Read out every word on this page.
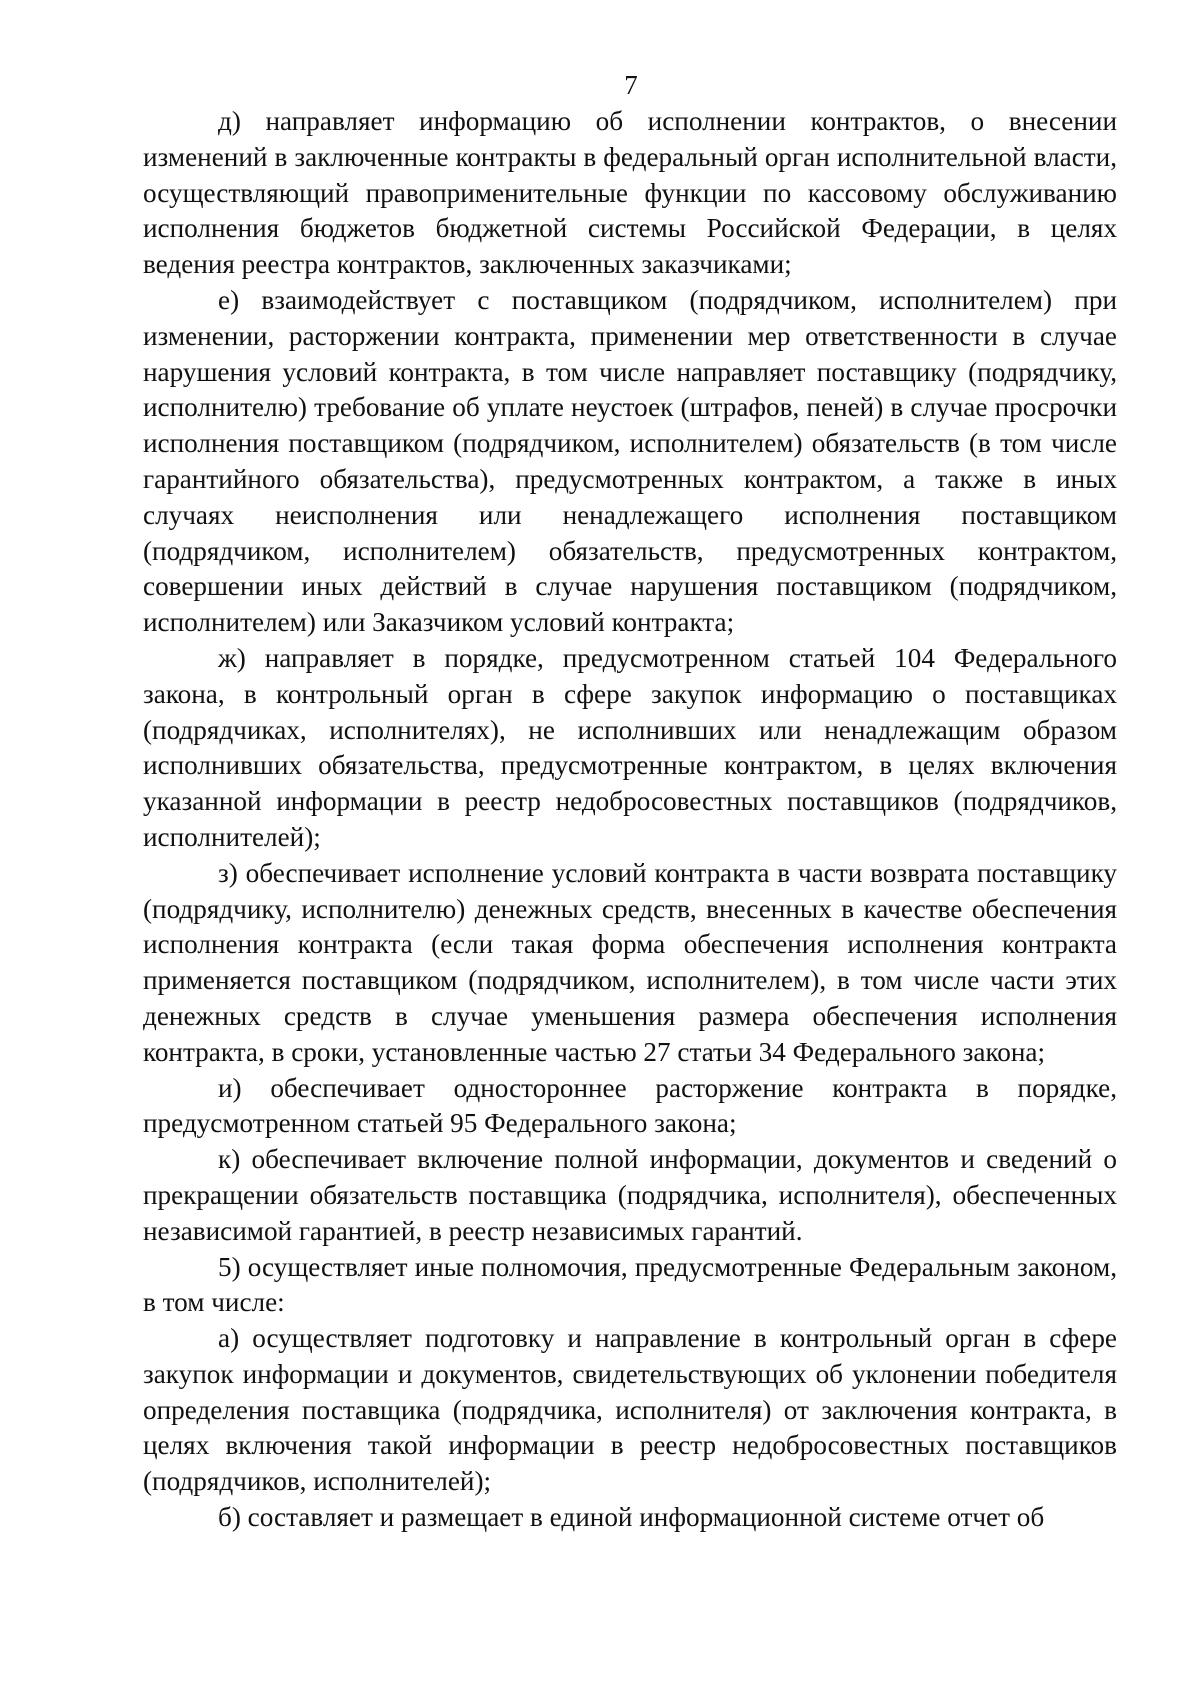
7

д) направляет информацию об исполнении контрактов, о внесении изменений в заключенные контракты в федеральный орган исполнительной власти, осуществляющий правоприменительные функции по кассовому обслуживанию исполнения бюджетов бюджетной системы Российской Федерации, в целях ведения реестра контрактов, заключенных заказчиками;

е) взаимодействует с поставщиком (подрядчиком, исполнителем) при изменении, расторжении контракта, применении мер ответственности в случае нарушения условий контракта, в том числе направляет поставщику (подрядчику, исполнителю) требование об уплате неустоек (штрафов, пеней) в случае просрочки исполнения поставщиком (подрядчиком, исполнителем) обязательств (в том числе гарантийного обязательства), предусмотренных контрактом, а также в иных случаях неисполнения или ненадлежащего исполнения поставщиком (подрядчиком, исполнителем) обязательств, предусмотренных контрактом, совершении иных действий в случае нарушения поставщиком (подрядчиком, исполнителем) или Заказчиком условий контракта;

ж) направляет в порядке, предусмотренном статьей 104 Федерального закона, в контрольный орган в сфере закупок информацию о поставщиках (подрядчиках, исполнителях), не исполнивших или ненадлежащим образом исполнивших обязательства, предусмотренные контрактом, в целях включения указанной информации в реестр недобросовестных поставщиков (подрядчиков, исполнителей);

з) обеспечивает исполнение условий контракта в части возврата поставщику (подрядчику, исполнителю) денежных средств, внесенных в качестве обеспечения исполнения контракта (если такая форма обеспечения исполнения контракта применяется поставщиком (подрядчиком, исполнителем), в том числе части этих денежных средств в случае уменьшения размера обеспечения исполнения контракта, в сроки, установленные частью 27 статьи 34 Федерального закона;

и) обеспечивает одностороннее расторжение контракта в порядке, предусмотренном статьей 95 Федерального закона;

к) обеспечивает включение полной информации, документов и сведений о прекращении обязательств поставщика (подрядчика, исполнителя), обеспеченных независимой гарантией, в реестр независимых гарантий.

5) осуществляет иные полномочия, предусмотренные Федеральным законом, в том числе:

а) осуществляет подготовку и направление в контрольный орган в сфере закупок информации и документов, свидетельствующих об уклонении победителя определения поставщика (подрядчика, исполнителя) от заключения контракта, в целях включения такой информации в реестр недобросовестных поставщиков (подрядчиков, исполнителей);

б) составляет и размещает в единой информационной системе отчет об
